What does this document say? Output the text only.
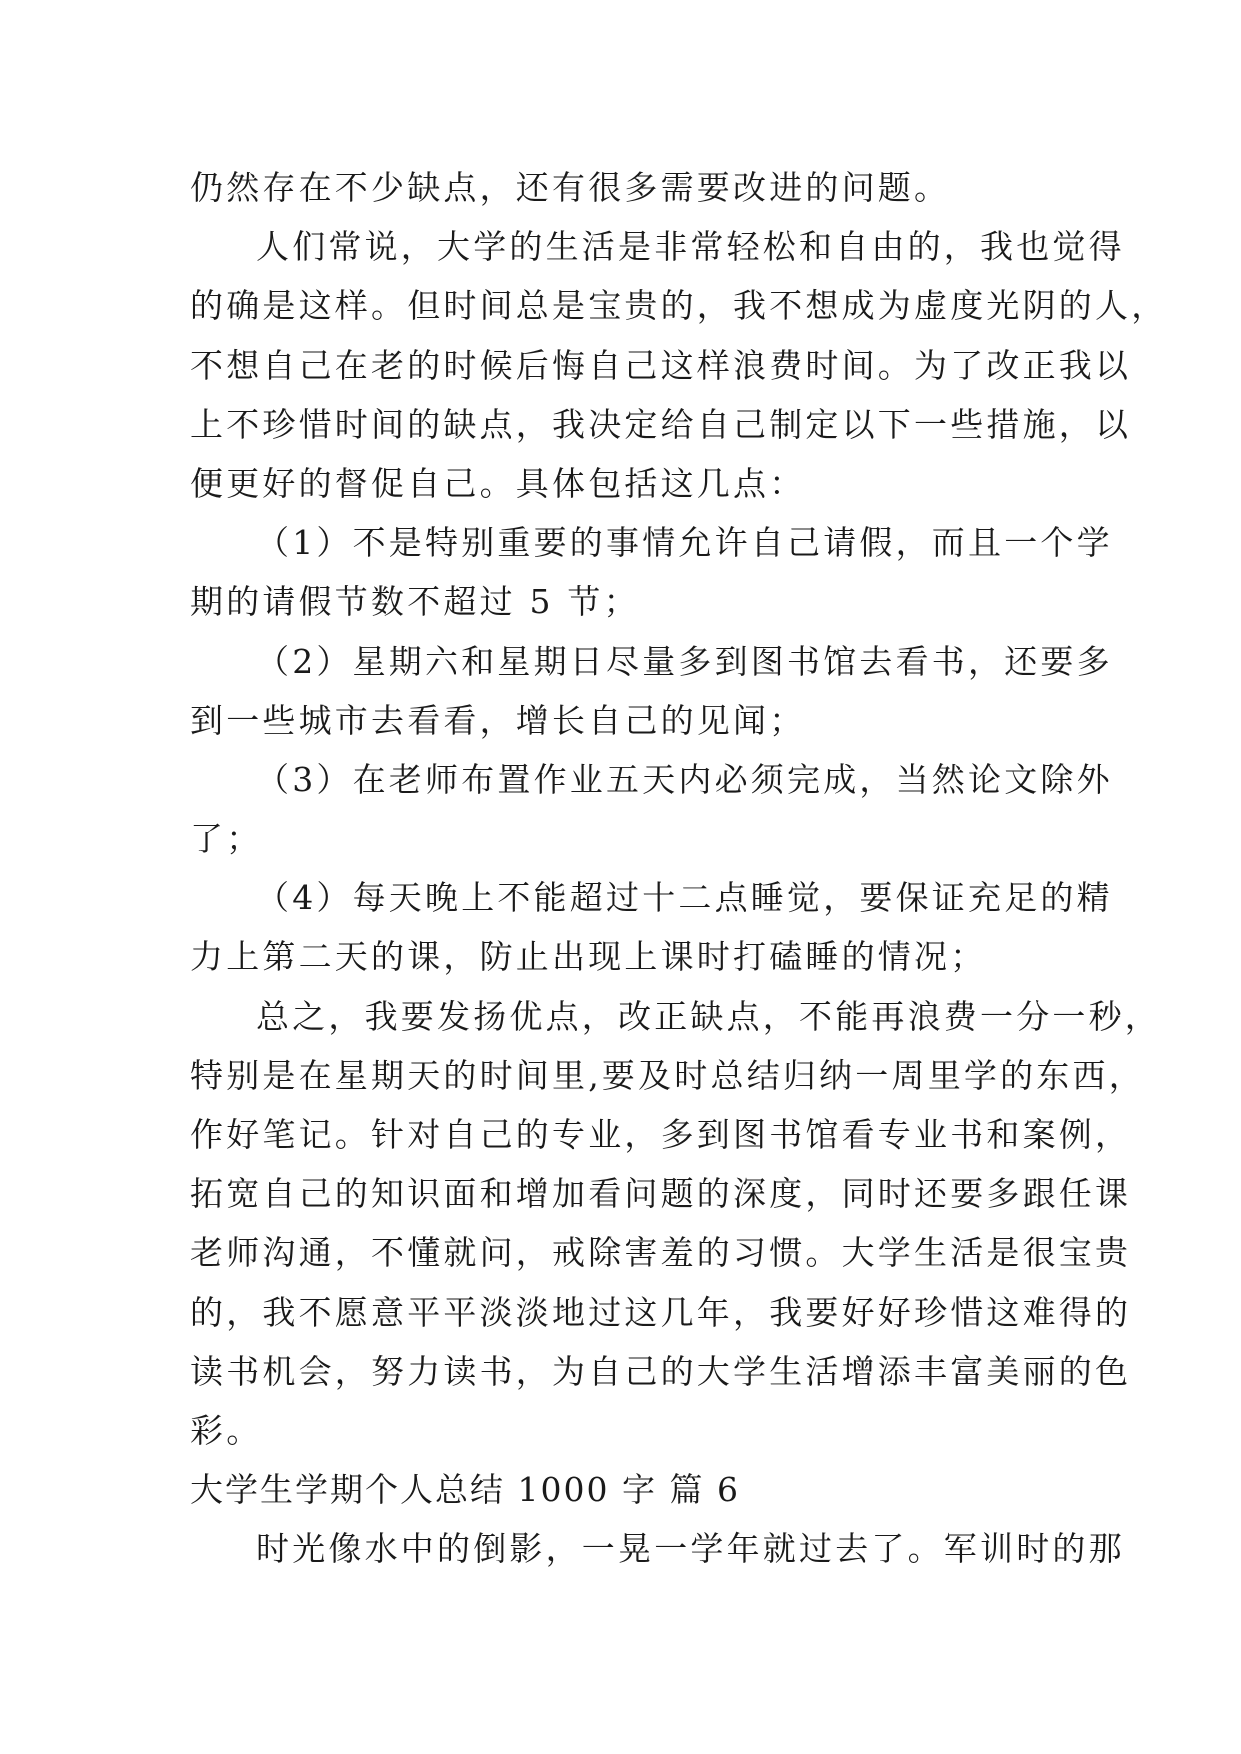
仍然存在不少缺点，还有很多需要改进的问题。
人们常说，大学的生活是非常轻松和自由的，我也觉得
的确是这样。但时间总是宝贵的，我不想成为虚度光阴的人，
不想自己在老的时候后悔自己这样浪费时间。为了改正我以
上不珍惜时间的缺点，我决定给自己制定以下一些措施，以
便更好的督促自己。具体包括这几点：
（1）不是特别重要的事情允许自己请假，而且一个学
期的请假节数不超过 5 节；
（2）星期六和星期日尽量多到图书馆去看书，还要多
到一些城市去看看，增长自己的见闻；
（3）在老师布置作业五天内必须完成，当然论文除外
了；
（4）每天晚上不能超过十二点睡觉，要保证充足的精
力上第二天的课，防止出现上课时打磕睡的情况；
总之，我要发扬优点，改正缺点，不能再浪费一分一秒，
特别是在星期天的时间里,要及时总结归纳一周里学的东西，
作好笔记。针对自己的专业，多到图书馆看专业书和案例，
拓宽自己的知识面和增加看问题的深度，同时还要多跟任课
老师沟通，不懂就问，戒除害羞的习惯。大学生活是很宝贵
的，我不愿意平平淡淡地过这几年，我要好好珍惜这难得的
读书机会，努力读书，为自己的大学生活增添丰富美丽的色
彩。
大学生学期个人总结 1000 字 篇 6
时光像水中的倒影，一晃一学年就过去了。军训时的那
